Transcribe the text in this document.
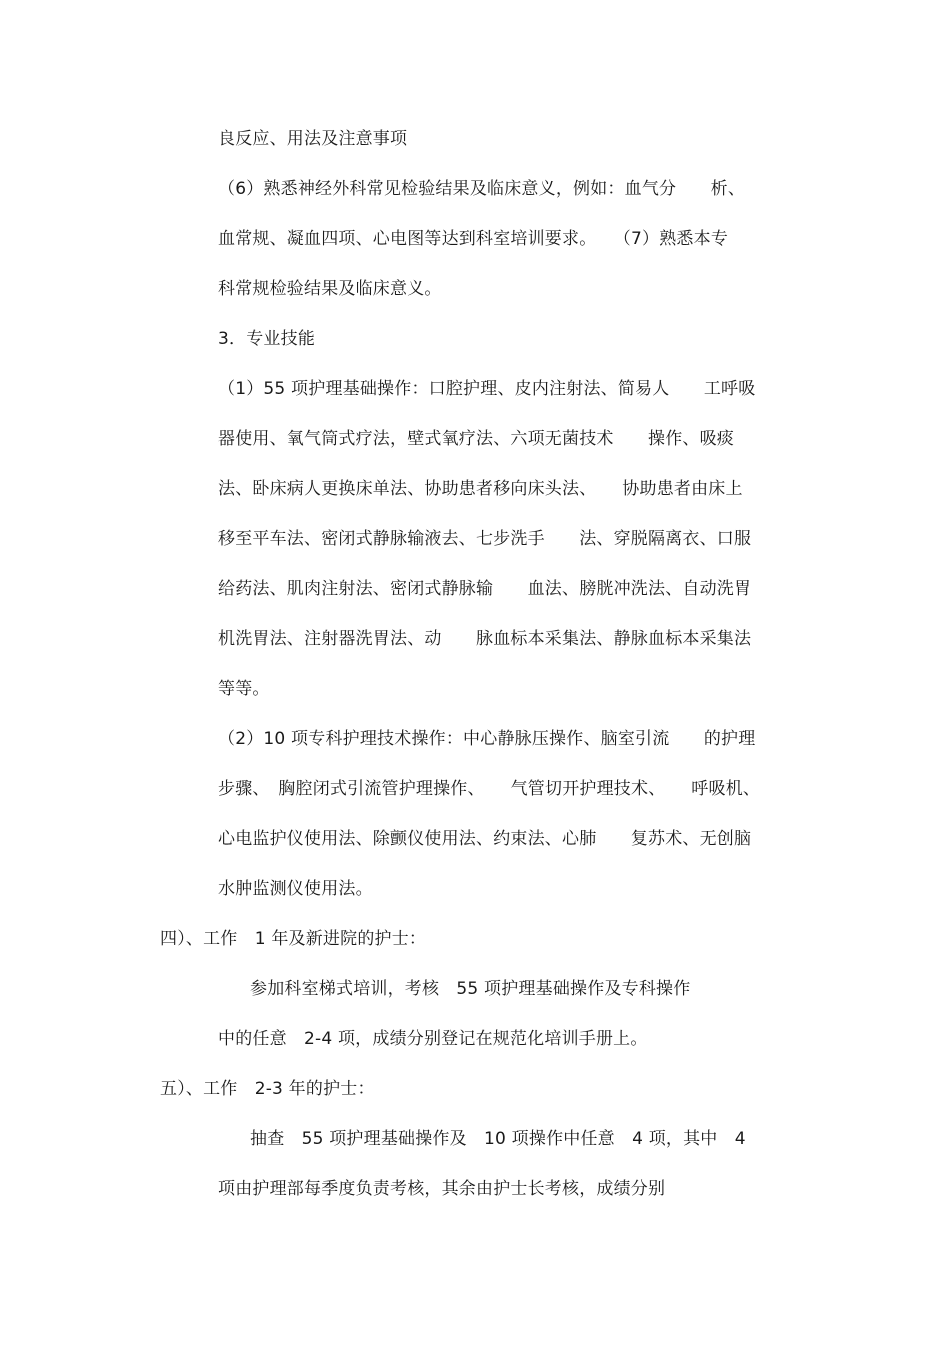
良反应、用法及注意事项
（6）熟悉神经外科常见检验结果及临床意义，例如：血气分　　析、
血常规、凝血四项、心电图等达到科室培训要求。　　（7）熟悉本专
科常规检验结果及临床意义。
3．专业技能
（1）55 项护理基础操作：口腔护理、皮内注射法、简易人　　工呼吸
器使用、氧气筒式疗法，壁式氧疗法、六项无菌技术　　操作、吸痰
法、卧床病人更换床单法、协助患者移向床头法、　　协助患者由床上
移至平车法、密闭式静脉输液去、七步洗手　　法、穿脱隔离衣、口服
给药法、肌肉注射法、密闭式静脉输　　血法、膀胱冲洗法、自动洗胃
机洗胃法、注射器洗胃法、动　　脉血标本采集法、静脉血标本采集法
等等。
（2）10 项专科护理技术操作：中心静脉压操作、脑室引流　　的护理
步骤、　胸腔闭式引流管护理操作、　　气管切开护理技术、　　呼吸机、
心电监护仪使用法、除颤仪使用法、约束法、心肺　　复苏术、无创脑
水肿监测仪使用法。
四）、工作　1 年及新进院的护士：
参加科室梯式培训，考核　55 项护理基础操作及专科操作
中的任意　2-4 项，成绩分别登记在规范化培训手册上。
五）、工作　2-3 年的护士：
抽查　55 项护理基础操作及　10 项操作中任意　4 项，其中　4
项由护理部每季度负责考核，其余由护士长考核，成绩分别
